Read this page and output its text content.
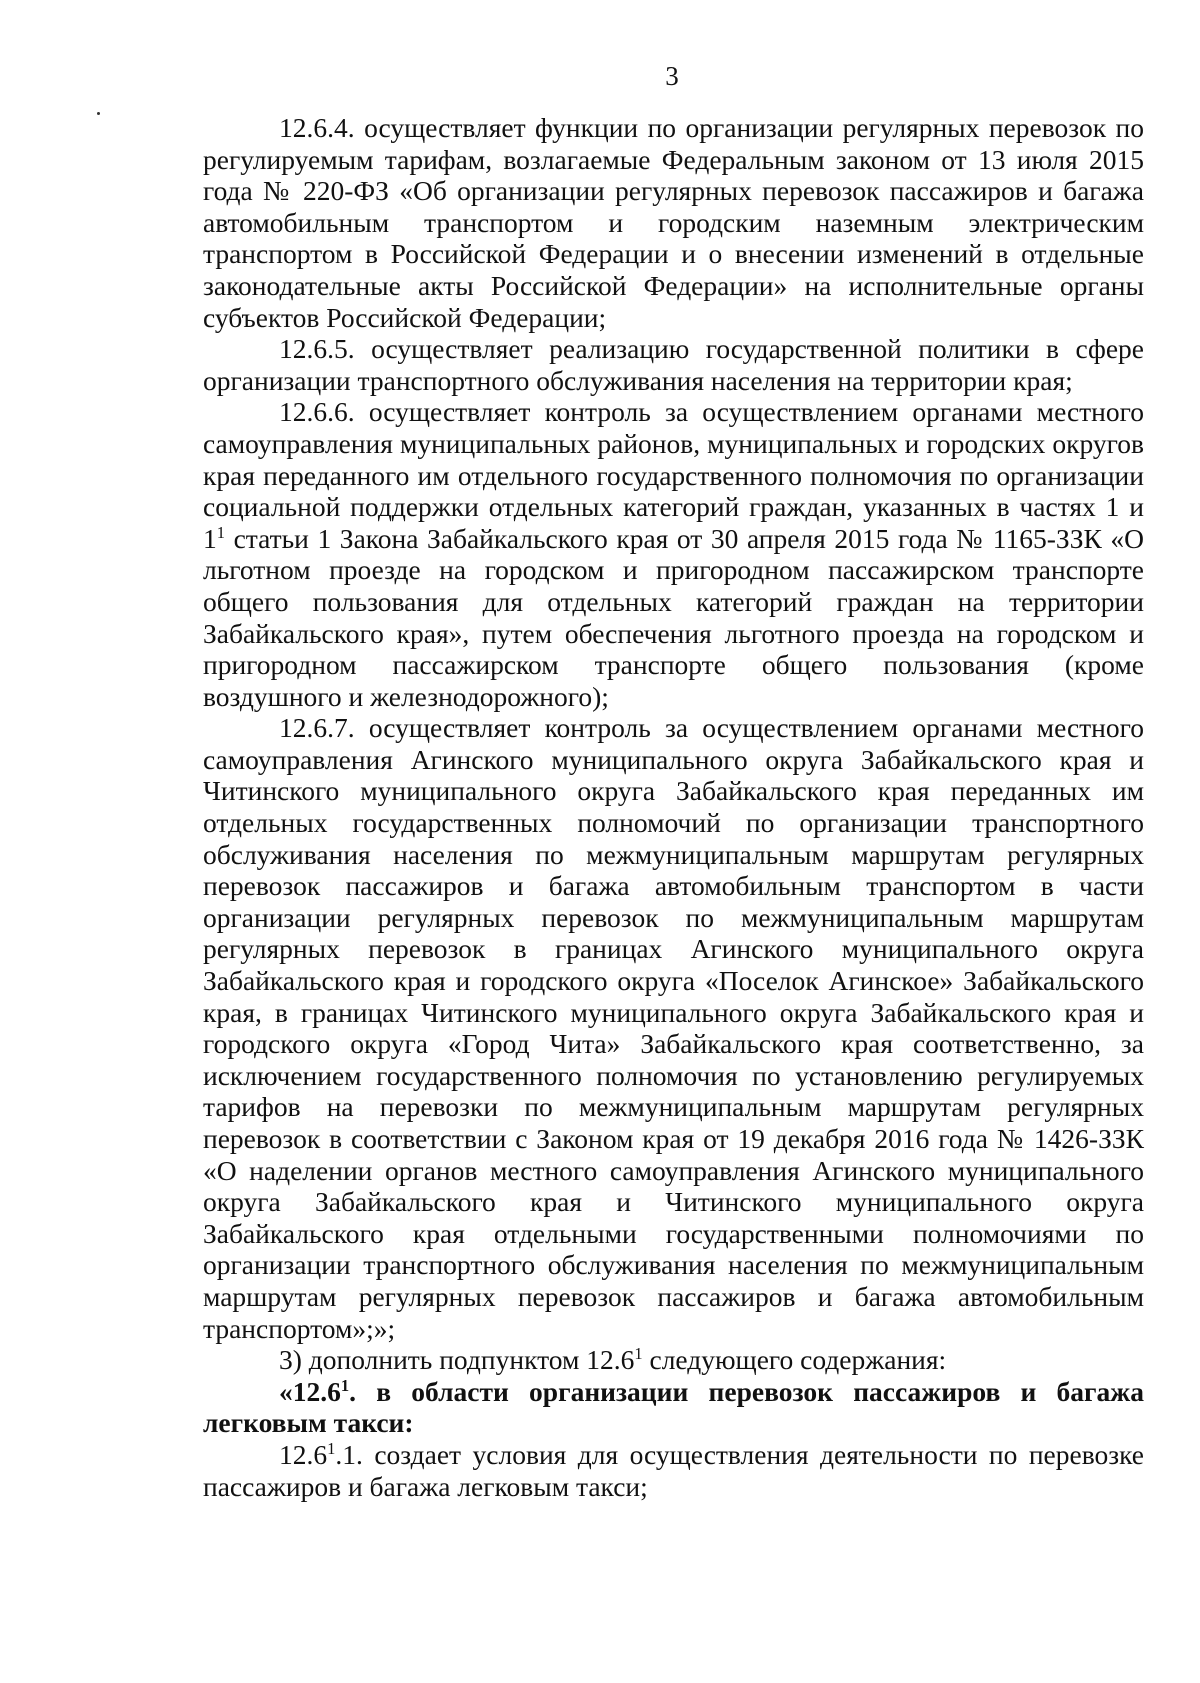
3

12.6.4. осуществляет функции по организации регулярных перевозок по регулируемым тарифам, возлагаемые Федеральным законом от 13 июля 2015 года № 220-ФЗ «Об организации регулярных перевозок пассажиров и багажа автомобильным транспортом и городским наземным электрическим транспортом в Российской Федерации и о внесении изменений в отдельные законодательные акты Российской Федерации» на исполнительные органы субъектов Российской Федерации;

12.6.5. осуществляет реализацию государственной политики в сфере организации транспортного обслуживания населения на территории края;

12.6.6. осуществляет контроль за осуществлением органами местного самоуправления муниципальных районов, муниципальных и городских округов края переданного им отдельного государственного полномочия по организации социальной поддержки отдельных категорий граждан, указанных в частях 1 и $1^1$ статьи 1 Закона Забайкальского края от 30 апреля 2015 года № 1165-ЗЗК «О льготном проезде на городском и пригородном пассажирском транспорте общего пользования для отдельных категорий граждан на территории Забайкальского края», путем обеспечения льготного проезда на городском и пригородном пассажирском транспорте общего пользования (кроме воздушного и железнодорожного);

12.6.7. осуществляет контроль за осуществлением органами местного самоуправления Агинского муниципального округа Забайкальского края и Читинского муниципального округа Забайкальского края переданных им отдельных государственных полномочий по организации транспортного обслуживания населения по межмуниципальным маршрутам регулярных перевозок пассажиров и багажа автомобильным транспортом в части организации регулярных перевозок по межмуниципальным маршрутам регулярных перевозок в границах Агинского муниципального округа Забайкальского края и городского округа «Поселок Агинское» Забайкальского края, в границах Читинского муниципального округа Забайкальского края и городского округа «Город Чита» Забайкальского края соответственно, за исключением государственного полномочия по установлению регулируемых тарифов на перевозки по межмуниципальным маршрутам регулярных перевозок в соответствии с Законом края от 19 декабря 2016 года № 1426-ЗЗК «О наделении органов местного самоуправления Агинского муниципального округа Забайкальского края и Читинского муниципального округа Забайкальского края отдельными государственными полномочиями по организации транспортного обслуживания населения по межмуниципальным маршрутам регулярных перевозок пассажиров и багажа автомобильным транспортом»;»;

3) дополнить подпунктом 12.6$^1$ следующего содержания:

«12.6$^1$. в области организации перевозок пассажиров и багажа легковым такси:

12.6$^1$.1. создает условия для осуществления деятельности по перевозке пассажиров и багажа легковым такси;
